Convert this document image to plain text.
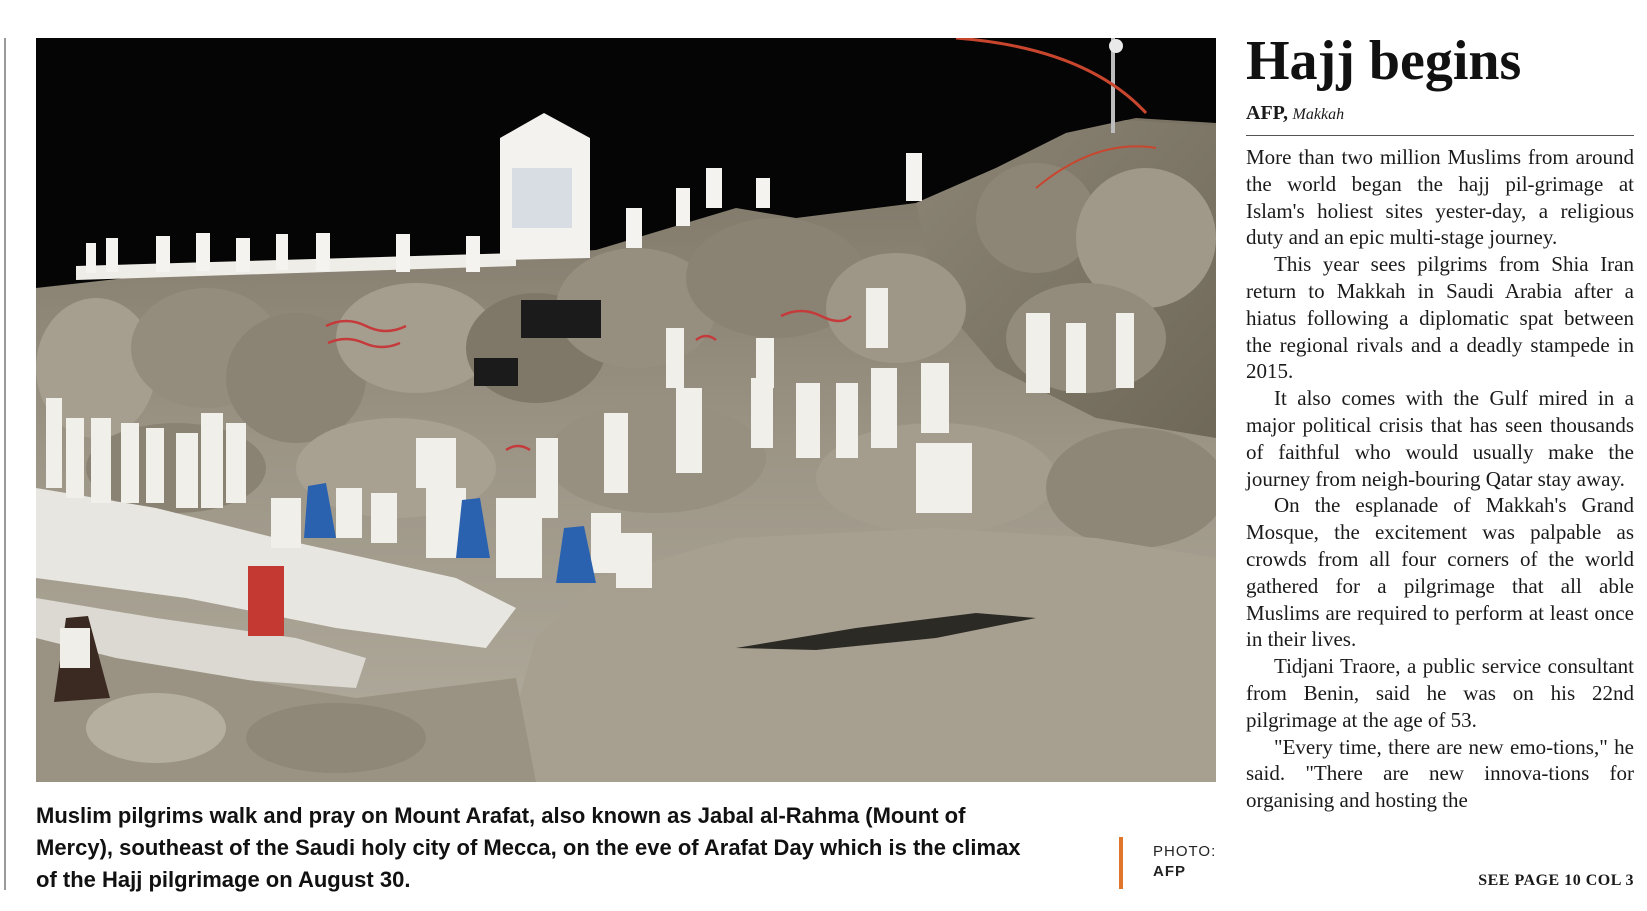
Muslim pilgrims walk and pray on Mount Arafat, also known as Jabal al-Rahma (Mount of Mercy), southeast of the Saudi holy city of Mecca, on the eve of Arafat Day which is the climax of the Hajj pilgrimage on August 30.
PHOTO:
AFP
Hajj begins
AFP, Makkah

More than two million Muslims from around the world began the hajj pil-grimage at Islam's holiest sites yester-day, a religious duty and an epic multi-stage journey.

This year sees pilgrims from Shia Iran return to Makkah in Saudi Arabia after a hiatus following a diplomatic spat between the regional rivals and a deadly stampede in 2015.

It also comes with the Gulf mired in a major political crisis that has seen thousands of faithful who would usually make the journey from neigh-bouring Qatar stay away.

On the esplanade of Makkah's Grand Mosque, the excitement was palpable as crowds from all four corners of the world gathered for a pilgrimage that all able Muslims are required to perform at least once in their lives.

Tidjani Traore, a public service consultant from Benin, said he was on his 22nd pilgrimage at the age of 53.

"Every time, there are new emo-tions," he said. "There are new innova-tions for organising and hosting the

SEE PAGE 10 COL 3
